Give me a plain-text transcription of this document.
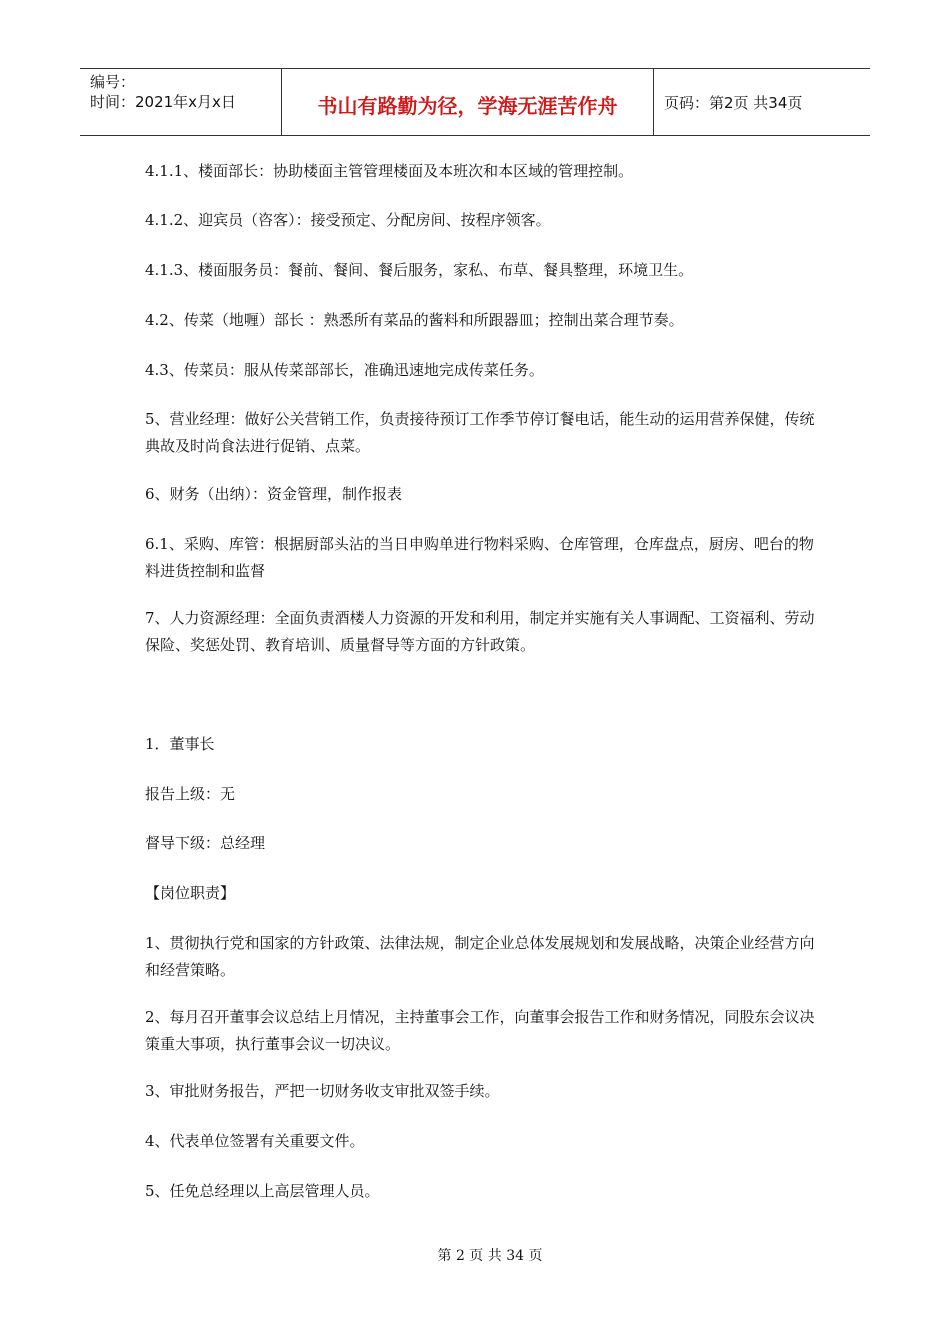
编号：
时间：2021年x月x日	书山有路勤为径，学海无涯苦作舟	页码：第2页 共34页

4.1.1、楼面部长：协助楼面主管管理楼面及本班次和本区域的管理控制。

4.1.2、迎宾员（咨客）：接受预定、分配房间、按程序领客。

4.1.3、楼面服务员：餐前、餐间、餐后服务，家私、布草、餐具整理，环境卫生。

4.2、传菜（地喱）部长 ：熟悉所有菜品的酱料和所跟器皿；控制出菜合理节奏。

4.3、传菜员：服从传菜部部长，准确迅速地完成传菜任务。

5、营业经理：做好公关营销工作，负责接待预订工作季节停订餐电话，能生动的运用营养保健，传统典故及时尚食法进行促销、点菜。

6、财务（出纳）：资金管理，制作报表

6.1、采购、库管：根据厨部头沾的当日申购单进行物料采购、仓库管理，仓库盘点，厨房、吧台的物料进货控制和监督

7、人力资源经理：全面负责酒楼人力资源的开发和利用，制定并实施有关人事调配、工资福利、劳动保险、奖惩处罚、教育培训、质量督导等方面的方针政策。

1．董事长

报告上级：无

督导下级：总经理

【岗位职责】

1、贯彻执行党和国家的方针政策、法律法规，制定企业总体发展规划和发展战略，决策企业经营方向和经营策略。

2、每月召开董事会议总结上月情况，主持董事会工作，向董事会报告工作和财务情况，同股东会议决策重大事项，执行董事会议一切决议。

3、审批财务报告，严把一切财务收支审批双签手续。

4、代表单位签署有关重要文件。

5、任免总经理以上高层管理人员。

第 2 页 共 34 页
